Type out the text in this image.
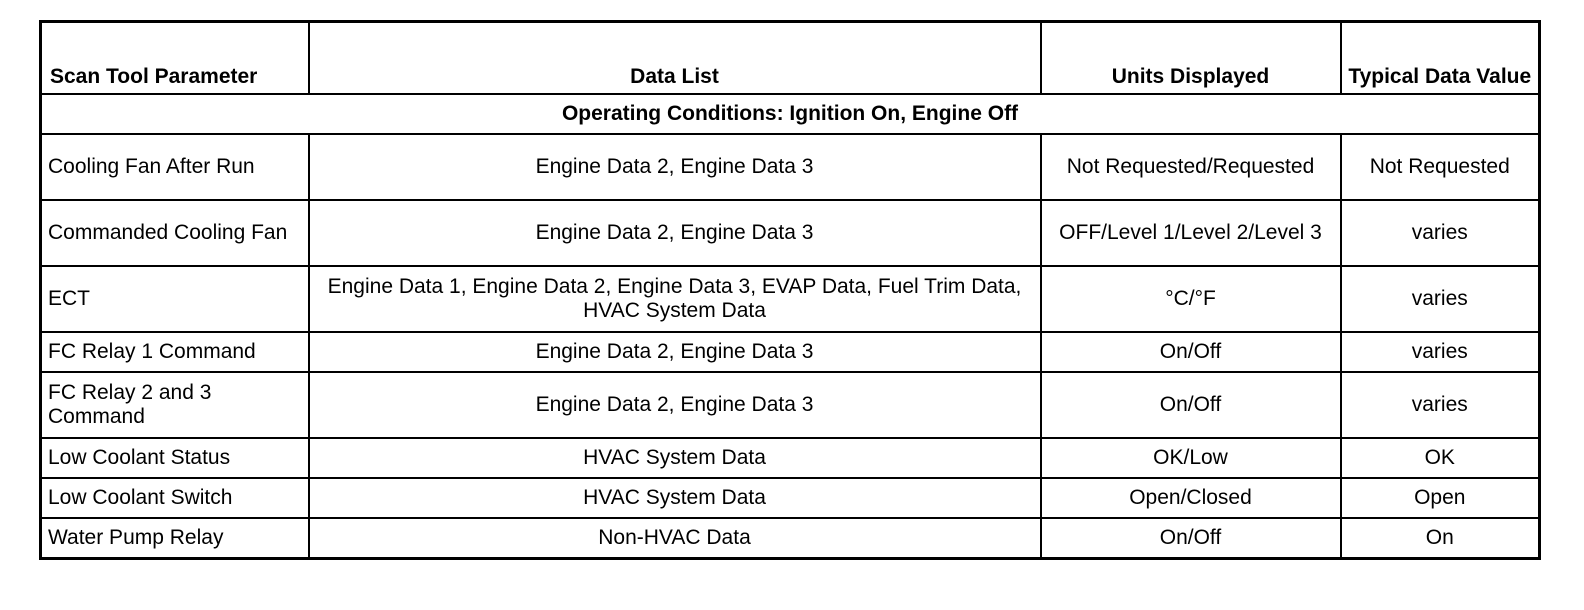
Scan Tool Parameter	Data List	Units Displayed	Typical Data Value
Operating Conditions: Ignition On, Engine Off			
Cooling Fan After Run	Engine Data 2, Engine Data 3	Not Requested/Requested	Not Requested
Commanded Cooling Fan	Engine Data 2, Engine Data 3	OFF/Level 1/Level 2/Level 3	varies
ECT	Engine Data 1, Engine Data 2, Engine Data 3, EVAP Data, Fuel Trim Data, HVAC System Data	°C/°F	varies
FC Relay 1 Command	Engine Data 2, Engine Data 3	On/Off	varies
FC Relay 2 and 3 Command	Engine Data 2, Engine Data 3	On/Off	varies
Low Coolant Status	HVAC System Data	OK/Low	OK
Low Coolant Switch	HVAC System Data	Open/Closed	Open
Water Pump Relay	Non-HVAC Data	On/Off	On
